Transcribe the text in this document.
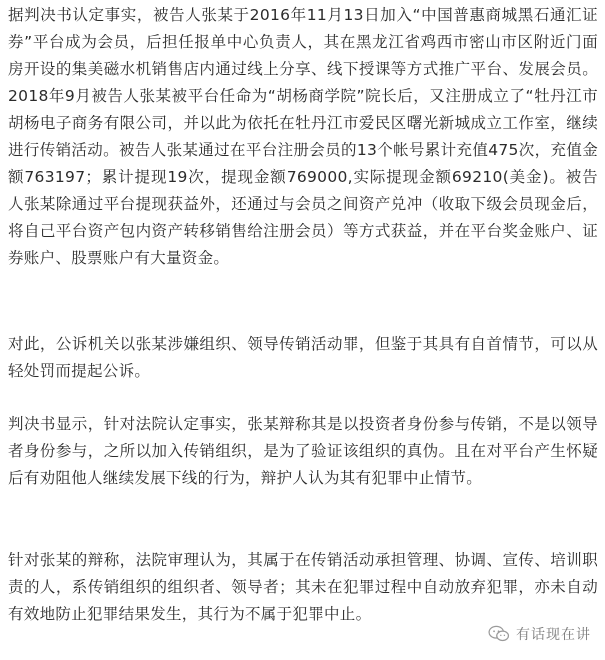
据判决书认定事实，被告人张某于2016年11月13日加入“中国普惠商城黑石通汇证券”平台成为会员，后担任报单中心负责人，其在黑龙江省鸡西市密山市区附近门面房开设的集美磁水机销售店内通过线上分享、线下授课等方式推广平台、发展会员。2018年9月被告人张某被平台任命为“胡杨商学院”院长后，又注册成立了“牡丹江市胡杨电子商务有限公司，并以此为依托在牡丹江市爱民区曙光新城成立工作室，继续进行传销活动。被告人张某通过在平台注册会员的13个帐号累计充值475次，充值金额763197；累计提现19次，提现金额769000,实际提现金额69210(美金)。被告人张某除通过平台提现获益外，还通过与会员之间资产兑冲（收取下级会员现金后，将自己平台资产包内资产转移销售给注册会员）等方式获益，并在平台奖金账户、证券账户、股票账户有大量资金。

对此，公诉机关以张某涉嫌组织、领导传销活动罪，但鉴于其具有自首情节，可以从轻处罚而提起公诉。

判决书显示，针对法院认定事实，张某辩称其是以投资者身份参与传销，不是以领导者身份参与，之所以加入传销组织，是为了验证该组织的真伪。且在对平台产生怀疑后有劝阻他人继续发展下线的行为，辩护人认为其有犯罪中止情节。

针对张某的辩称，法院审理认为，其属于在传销活动承担管理、协调、宣传、培训职责的人，系传销组织的组织者、领导者；其未在犯罪过程中自动放弃犯罪，亦未自动有效地防止犯罪结果发生，其行为不属于犯罪中止。

有话现在讲
